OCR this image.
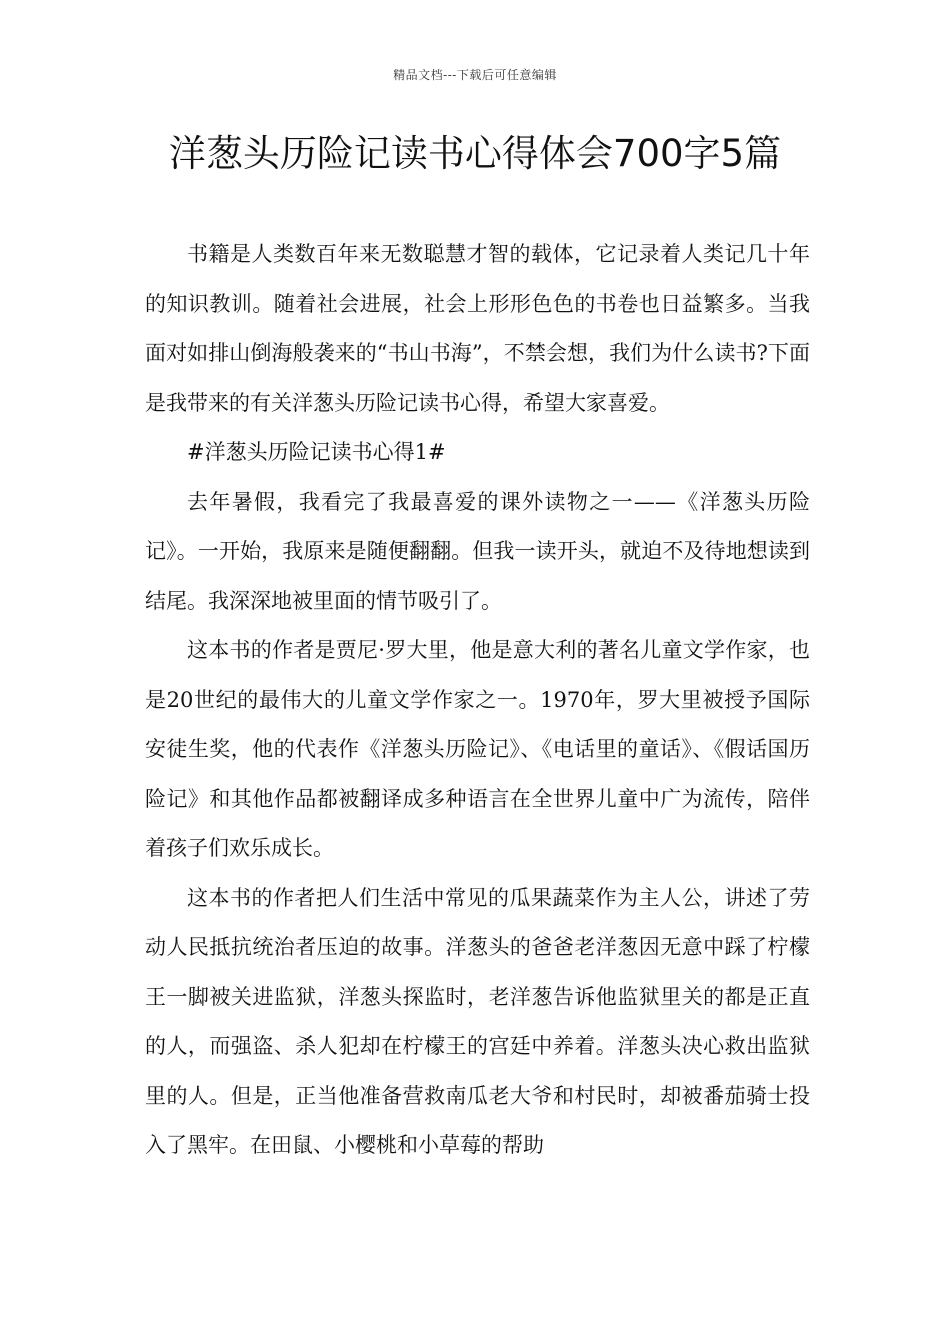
精品文档---下载后可任意编辑
洋葱头历险记读书心得体会700字5篇

书籍是人类数百年来无数聪慧才智的载体，它记录着人类记几十年的知识教训。随着社会进展，社会上形形色色的书卷也日益繁多。当我面对如排山倒海般袭来的“书山书海”，不禁会想，我们为什么读书?下面是我带来的有关洋葱头历险记读书心得，希望大家喜爱。

#洋葱头历险记读书心得1#

去年暑假，我看完了我最喜爱的课外读物之一——《洋葱头历险记》。一开始，我原来是随便翻翻。但我一读开头，就迫不及待地想读到结尾。我深深地被里面的情节吸引了。

这本书的作者是贾尼·罗大里，他是意大利的著名儿童文学作家，也是20世纪的最伟大的儿童文学作家之一。1970年，罗大里被授予国际安徒生奖，他的代表作《洋葱头历险记》、《电话里的童话》、《假话国历险记》和其他作品都被翻译成多种语言在全世界儿童中广为流传，陪伴着孩子们欢乐成长。

这本书的作者把人们生活中常见的瓜果蔬菜作为主人公，讲述了劳动人民抵抗统治者压迫的故事。洋葱头的爸爸老洋葱因无意中踩了柠檬王一脚被关进监狱，洋葱头探监时，老洋葱告诉他监狱里关的都是正直的人，而强盗、杀人犯却在柠檬王的宫廷中养着。洋葱头决心救出监狱里的人。但是，正当他准备营救南瓜老大爷和村民时，却被番茄骑士投入了黑牢。在田鼠、小樱桃和小草莓的帮助
